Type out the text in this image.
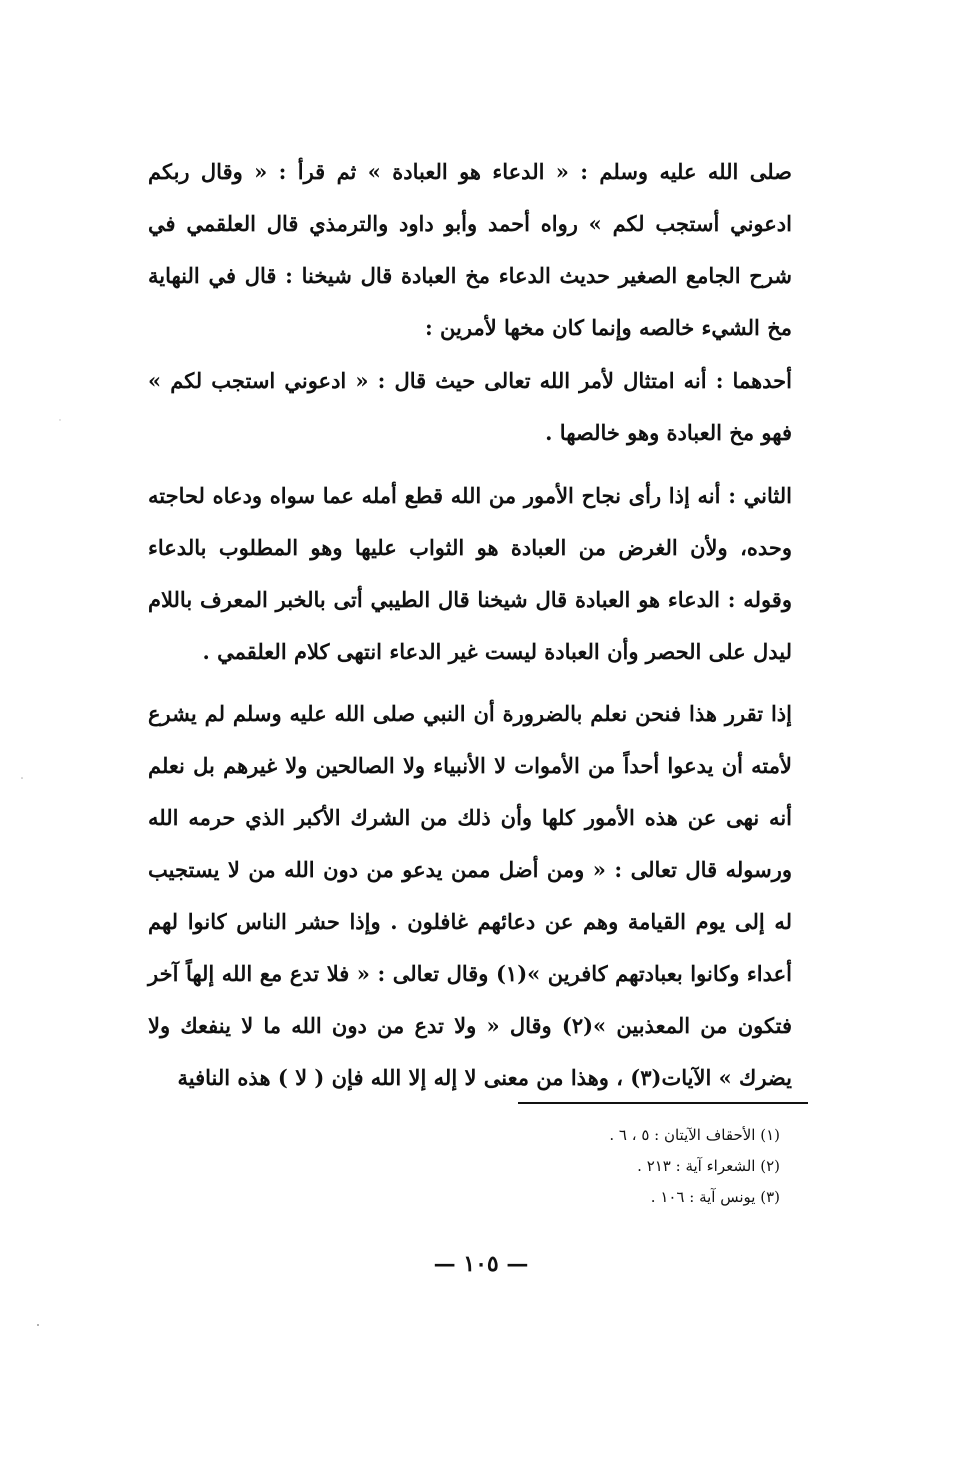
صلى الله عليه وسلم : « الدعاء هو العبادة » ثم قرأ : « وقال ربكم ادعوني أستجب لكم » رواه أحمد وأبو داود والترمذي قال العلقمي في شرح الجامع الصغير حديث الدعاء مخ العبادة قال شيخنا : قال في النهاية مخ الشيء خالصه وإنما كان مخها لأمرين :

أحدهما : أنه امتثال لأمر الله تعالى حيث قال : « ادعوني استجب لكم » فهو مخ العبادة وهو خالصها .

الثاني : أنه إذا رأى نجاح الأمور من الله قطع أمله عما سواه ودعاه لحاجته وحده، ولأن الغرض من العبادة هو الثواب عليها وهو المطلوب بالدعاء وقوله : الدعاء هو العبادة قال شيخنا قال الطيبي أتى بالخبر المعرف باللام ليدل على الحصر وأن العبادة ليست غير الدعاء انتهى كلام العلقمي .

إذا تقرر هذا فنحن نعلم بالضرورة أن النبي صلى الله عليه وسلم لم يشرع لأمته أن يدعوا أحداً من الأموات لا الأنبياء ولا الصالحين ولا غيرهم بل نعلم أنه نهى عن هذه الأمور كلها وأن ذلك من الشرك الأكبر الذي حرمه الله ورسوله قال تعالى : « ومن أضل ممن يدعو من دون الله من لا يستجيب له إلى يوم القيامة وهم عن دعائهم غافلون . وإذا حشر الناس كانوا لهم أعداء وكانوا بعبادتهم كافرين »(١) وقال تعالى : « فلا تدع مع الله إلهاً آخر فتكون من المعذبين »(٢) وقال « ولا تدع من دون الله ما لا ينفعك ولا يضرك » الآيات(٣) ، وهذا من معنى لا إله إلا الله فإن ( لا ) هذه النافية

(١) الأحقاف الآيتان : ٥ ، ٦ .

(٢) الشعراء آية : ٢١٣ .

(٣) يونس آية : ١٠٦ .

— ١٠٥ —
